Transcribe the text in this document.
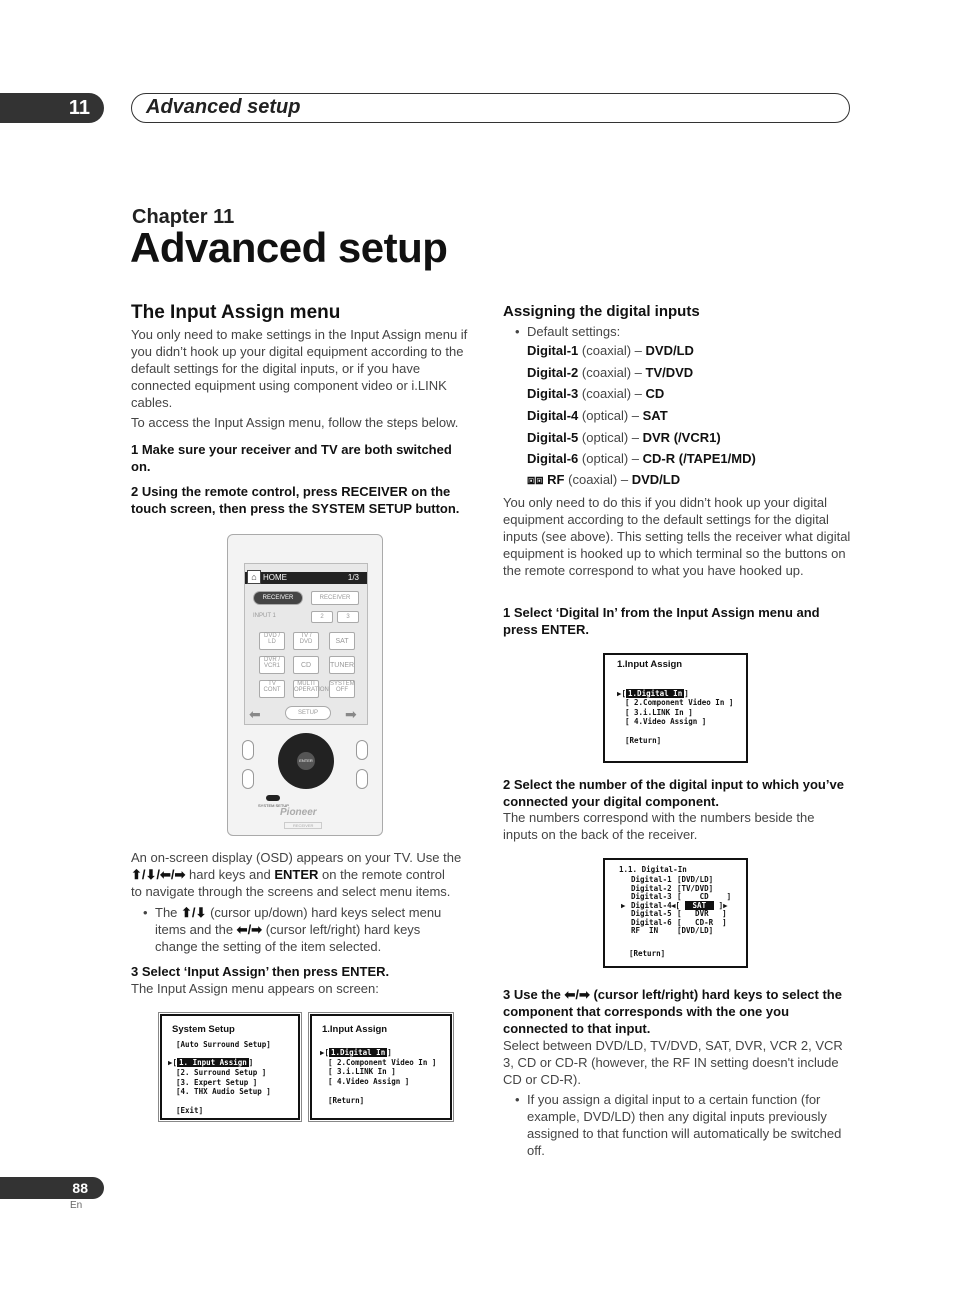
11	Advanced setup
Chapter 11
Advanced setup
The Input Assign menu
You only need to make settings in the Input Assign menu if you didn’t hook up your digital equipment according to the default settings for the digital inputs, or if you have connected equipment using component video or i.LINK cables.
To access the Input Assign menu, follow the steps below.
1 Make sure your receiver and TV are both switched on.
2 Using the remote control, press RECEIVER on the touch screen, then press the SYSTEM SETUP button.
HOME	1/3
⌂
RECEIVER	RECEIVER
INPUT 1	2	3
DVD / LD
TV / DVD	SAT
DVR / VCR1	CD	TUNER
TV CONT
MULTI OPERATION
SYSTEM OFF
⬅	SETUP	➡
ENTER
SYSTEM SETUP
Pioneer
RECEIVER
An on-screen display (OSD) appears on your TV. Use the
⬆/⬇/⬅/➡ hard keys and ENTER on the remote control
to navigate through the screens and select menu items.
• The ⬆/⬇ (cursor up/down) hard keys select menu
items and the ⬅/➡ (cursor left/right) hard keys
change the setting of the item selected.
3 Select ‘Input Assign’ then press ENTER.
The Input Assign menu appears on screen:
System Setup
[Auto Surround Setup]
▶[ 1. Input Assign ]
[2. Surround Setup ]
[3. Expert Setup ]
[4. THX Audio Setup ]
[Exit]
1.Input Assign
▶[ 1.Digital In ]
[ 2.Component Video In ]
[ 3.i.LINK In ]
[ 4.Video Assign ]
[Return]
Assigning the digital inputs
• Default settings:
Digital-1 (coaxial) – DVD/LD
Digital-2 (coaxial) – TV/DVD
Digital-3 (coaxial) – CD
Digital-4 (optical) – SAT
Digital-5 (optical) – DVR (/VCR1)
Digital-6 (optical) – CD-R (/TAPE1/MD)
⧈⧈ RF (coaxial) – DVD/LD
You only need to do this if you didn’t hook up your digital equipment according to the default settings for the digital inputs (see above). This setting tells the receiver what digital equipment is hooked up to which terminal so the buttons on the remote correspond to what you have hooked up.
1 Select ‘Digital In’ from the Input Assign menu and press ENTER.
1.Input Assign
▶[ 1.Digital In ]
[ 2.Component Video In ]
[ 3.i.LINK In ]
[ 4.Video Assign ]
[Return]
2 Select the number of the digital input to which you’ve connected your digital component.
The numbers correspond with the numbers beside the inputs on the back of the receiver.
1.1. Digital-In
Digital-1 [DVD/LD]
Digital-2 [TV/DVD]
Digital-3 [    CD    ]
▶ Digital-4 ◀[ SAT ]▶
Digital-5 [   DVR   ]
Digital-6 [   CD-R  ]
RF  IN	[DVD/LD]
[Return]
3 Use the ⬅/➡ (cursor left/right) hard keys to select the component that corresponds with the one you connected to that input.
Select between DVD/LD, TV/DVD, SAT, DVR, VCR 2, VCR 3, CD or CD-R (however, the RF IN setting doesn't include CD or CD-R).
• If you assign a digital input to a certain function (for example, DVD/LD) then any digital inputs previously assigned to that function will automatically be switched off.
88
En
